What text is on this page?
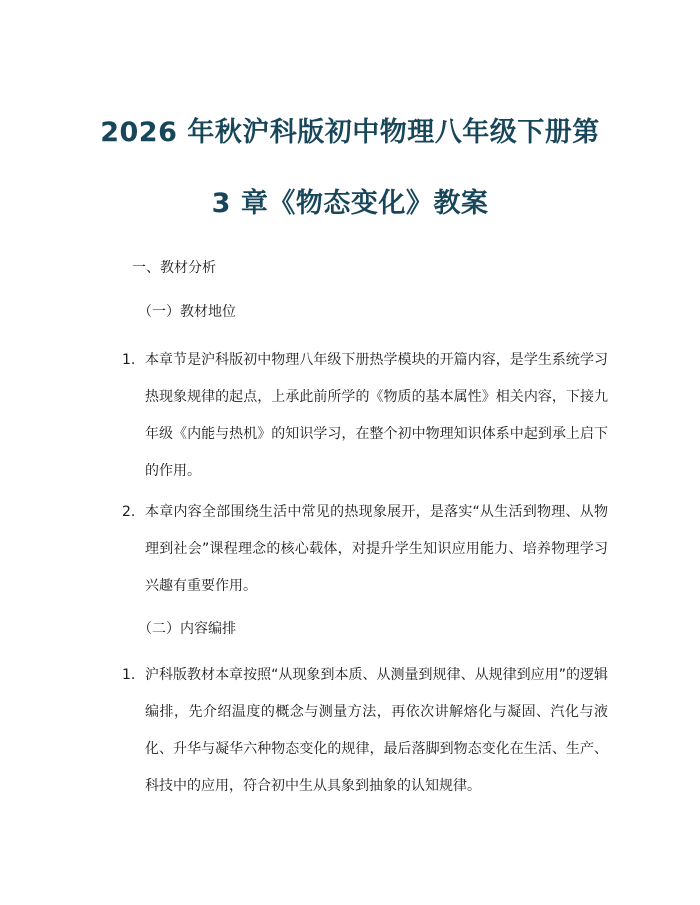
2026 年秋沪科版初中物理八年级下册第
3 章《物态变化》教案
一、教材分析
（一）教材地位
1. 本章节是沪科版初中物理八年级下册热学模块的开篇内容，是学生系统学习热现象规律的起点，上承此前所学的《物质的基本属性》相关内容，下接九年级《内能与热机》的知识学习，在整个初中物理知识体系中起到承上启下的作用。
2. 本章内容全部围绕生活中常见的热现象展开，是落实“从生活到物理、从物理到社会”课程理念的核心载体，对提升学生知识应用能力、培养物理学习兴趣有重要作用。
（二）内容编排
1. 沪科版教材本章按照“从现象到本质、从测量到规律、从规律到应用”的逻辑编排，先介绍温度的概念与测量方法，再依次讲解熔化与凝固、汽化与液化、升华与凝华六种物态变化的规律，最后落脚到物态变化在生活、生产、科技中的应用，符合初中生从具象到抽象的认知规律。
